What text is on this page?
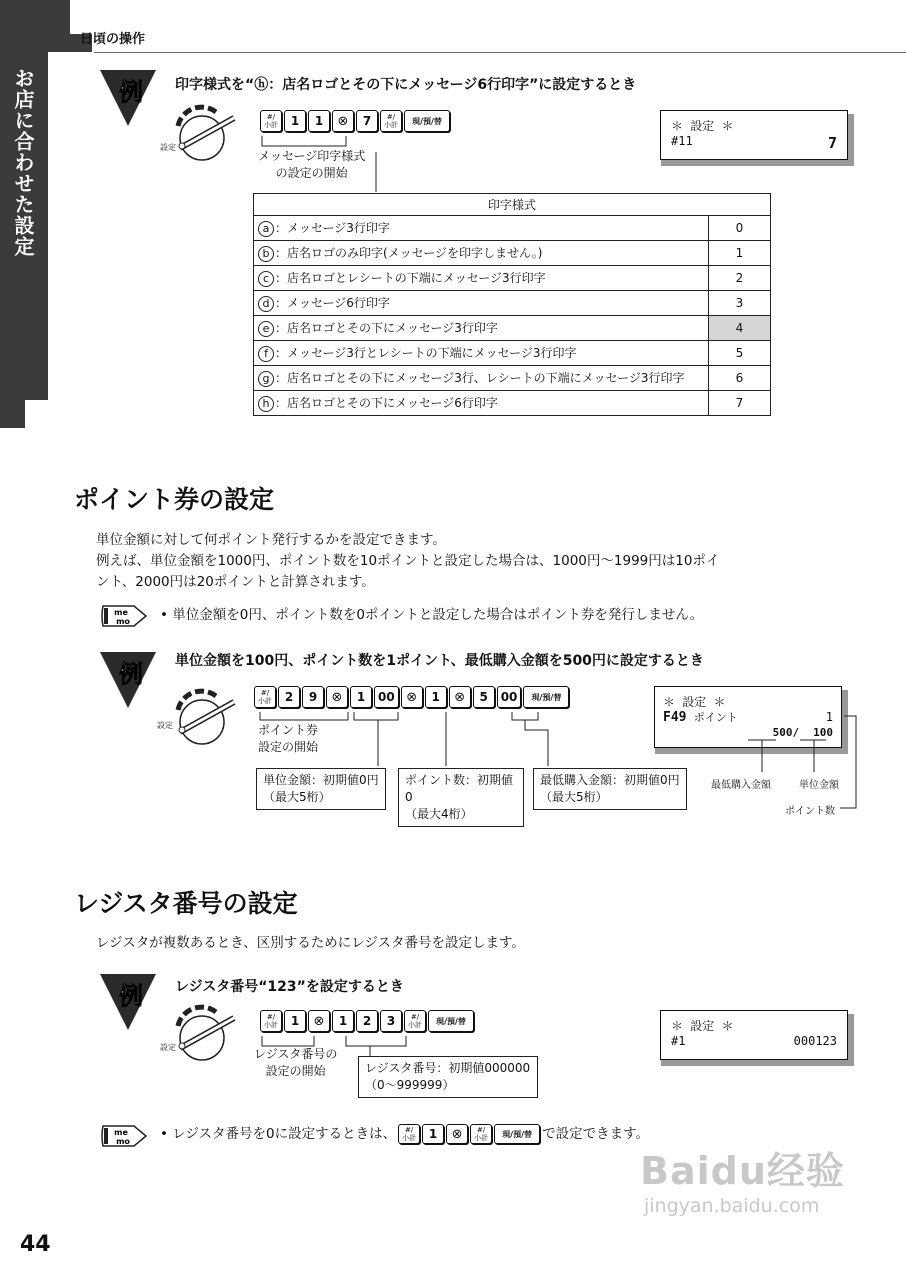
お店に合わせた設定
日頃の操作
例 印字様式を“ⓗ：店名ロゴとその下にメッセージ6行印字”に設定するとき
設定
#/
小計	1	1	⊗	7	#/
小計	現/預/替
メッセージ印字様式
の設定の開始
＊ 設定 ＊
#11	7
印字様式	
a ：メッセージ3行印字	0
b ：店名ロゴのみ印字(メッセージを印字しません。)	1
c ：店名ロゴとレシートの下端にメッセージ3行印字	2
d ：メッセージ6行印字	3
e ：店名ロゴとその下にメッセージ3行印字	4
f ：メッセージ3行とレシートの下端にメッセージ3行印字	5
g ：店名ロゴとその下にメッセージ3行、レシートの下端にメッセージ3行印字	6
h ：店名ロゴとその下にメッセージ6行印字	7
ポイント券の設定
単位金額に対して何ポイント発行するかを設定できます。
例えば、単位金額を1000円、ポイント数を10ポイントと設定した場合は、1000円〜1999円は10ポイ
ント、2000円は20ポイントと計算されます。
me
mo • 単位金額を0円、ポイント数を0ポイントと設定した場合はポイント券を発行しません。
例 単位金額を100円、ポイント数を1ポイント、最低購入金額を500円に設定するとき
設定
#/
小計	2	9	⊗	1	00 ⊗	1	⊗	5	00	現/預/替
ポイント券
設定の開始
単位金額：初期値0円
（最大5桁）
ポイント数：初期値0
（最大4桁）
最低購入金額：初期値0円
（最大5桁）
＊ 設定 ＊
F49 ポイント	1
500/ 100
最低購入金額	単位金額
ポイント数
レジスタ番号の設定
レジスタが複数あるとき、区別するためにレジスタ番号を設定します。
例 レジスタ番号“123”を設定するとき
設定
#/
小計	1	⊗	1	2	3	#/
小計	現/預/替
レジスタ番号の
設定の開始	レジスタ番号：初期値000000
（0〜999999）
＊ 設定 ＊
#1	000123
me
mo • レジスタ番号を0に設定するときは、 #/
小計	1	⊗	#/
小計	現/預/替 で設定できます。
44
Baidu经验
jingyan.baidu.com
